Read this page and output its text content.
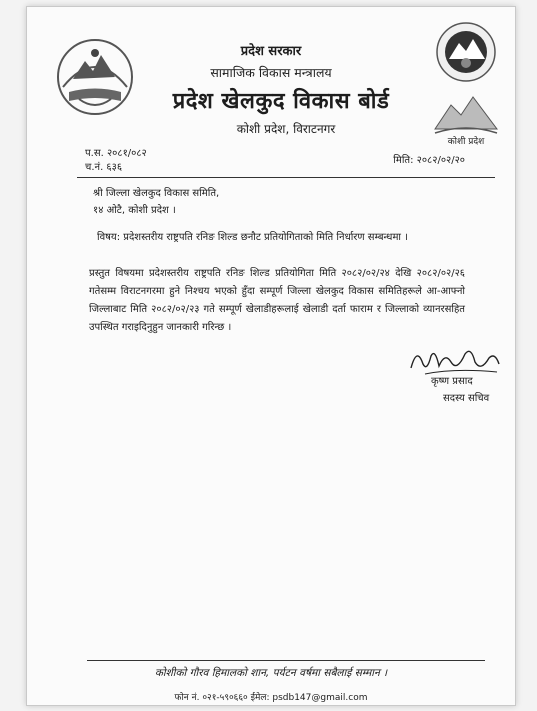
कोशी प्रदेश
प्रदेश सरकार
सामाजिक विकास मन्त्रालय
प्रदेश खेलकुद विकास बोर्ड
कोशी प्रदेश, विराटनगर
प.स. २०८१/०८२
च.नं. ६३६
मिति: २०८२/०२/२०
श्री जिल्ला खेलकुद विकास समिति,
१४ ओटै, कोशी प्रदेश ।
विषय: प्रदेशस्तरीय राष्ट्रपति रनिङ शिल्ड छनौट प्रतियोगिताको मिति निर्धारण सम्बन्धमा ।
प्रस्तुत विषयमा प्रदेशस्तरीय राष्ट्रपति रनिङ शिल्ड प्रतियोगिता मिति २०८२/०२/२४ देखि २०८२/०२/२६ गतेसम्म विराटनगरमा हुने निश्चय भएको हुँदा सम्पूर्ण जिल्ला खेलकुद विकास समितिहरूले आ-आफ्नो जिल्लाबाट मिति २०८२/०२/२३ गते सम्पूर्ण खेलाडीहरूलाई खेलाडी दर्ता फाराम र जिल्लाको व्यानरसहित उपस्थित गराइदिनुहुन जानकारी गरिन्छ ।
कृष्ण प्रसाद
सदस्य सचिव
कोशीको गौरव हिमालको शान, पर्यटन वर्षमा सबैलाई सम्मान ।
फोन नं. ०२१-५९०६६० ईमेल: psdb147@gmail.com
